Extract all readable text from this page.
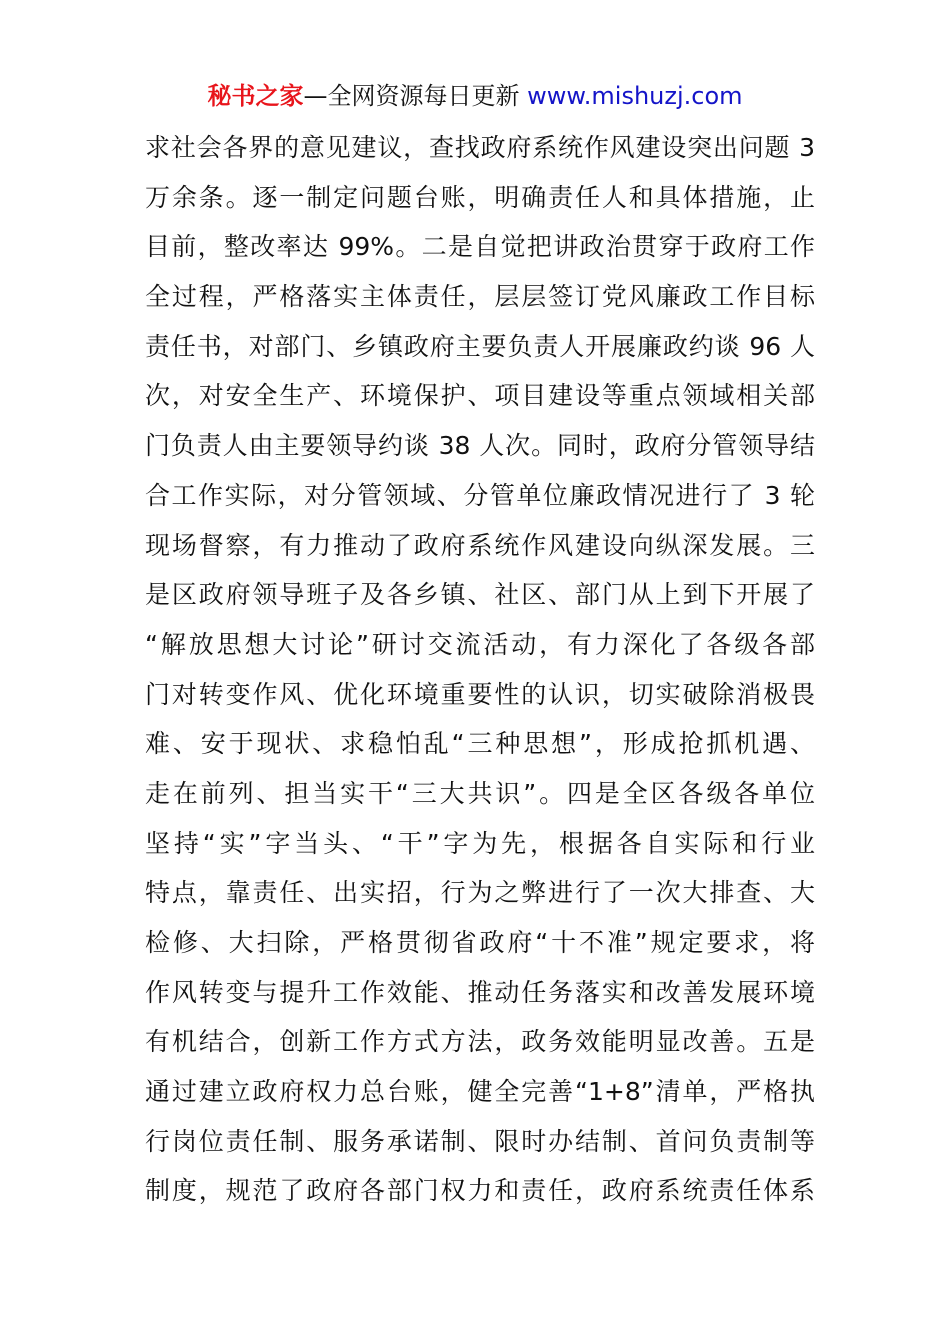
秘书之家—全网资源每日更新 www.mishuzj.com
求社会各界的意见建议，查找政府系统作风建设突出问题 3
万余条。逐一制定问题台账，明确责任人和具体措施，止
目前，整改率达 99%。二是自觉把讲政治贯穿于政府工作
全过程，严格落实主体责任，层层签订党风廉政工作目标
责任书，对部门、乡镇政府主要负责人开展廉政约谈 96 人
次，对安全生产、环境保护、项目建设等重点领域相关部
门负责人由主要领导约谈 38 人次。同时，政府分管领导结
合工作实际，对分管领域、分管单位廉政情况进行了 3 轮
现场督察，有力推动了政府系统作风建设向纵深发展。三
是区政府领导班子及各乡镇、社区、部门从上到下开展了
“解放思想大讨论”研讨交流活动，有力深化了各级各部
门对转变作风、优化环境重要性的认识，切实破除消极畏
难、安于现状、求稳怕乱“三种思想”，形成抢抓机遇、
走在前列、担当实干“三大共识”。四是全区各级各单位
坚持“实”字当头、“干”字为先，根据各自实际和行业
特点，靠责任、出实招，行为之弊进行了一次大排查、大
检修、大扫除，严格贯彻省政府“十不准”规定要求，将
作风转变与提升工作效能、推动任务落实和改善发展环境
有机结合，创新工作方式方法，政务效能明显改善。五是
通过建立政府权力总台账，健全完善“1+8”清单，严格执
行岗位责任制、服务承诺制、限时办结制、首问负责制等
制度，规范了政府各部门权力和责任，政府系统责任体系
